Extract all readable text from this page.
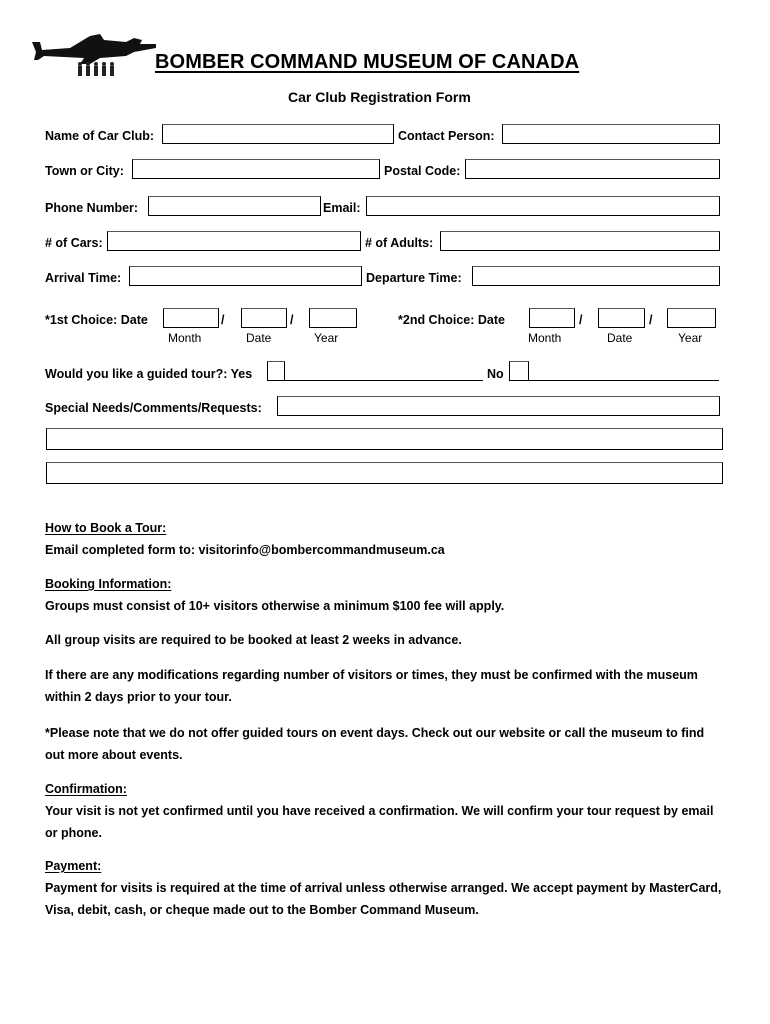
BOMBER COMMAND MUSEUM OF CANADA
Car Club Registration Form
Name of Car Club:	Contact Person:
Town or City:	Postal Code:
Phone Number:	Email:
# of Cars:	# of Adults:
Arrival Time:	Departure Time:
*1st Choice: Date	/	/
Month	Date	Year
*2nd Choice: Date	/	/
Month	Date	Year
Would you like a guided tour?: Yes	No
Special Needs/Comments/Requests:
How to Book a Tour:
Email completed form to: visitorinfo@bombercommandmuseum.ca
Booking Information:
Groups must consist of 10+ visitors otherwise a minimum $100 fee will apply.
All group visits are required to be booked at least 2 weeks in advance.
If there are any modifications regarding number of visitors or times, they must be confirmed with the museum within 2 days prior to your tour.
*Please note that we do not offer guided tours on event days. Check out our website or call the museum to find out more about events.
Confirmation:
Your visit is not yet confirmed until you have received a confirmation. We will confirm your tour request by email or phone.
Payment:
Payment for visits is required at the time of arrival unless otherwise arranged. We accept payment by MasterCard, Visa, debit, cash, or cheque made out to the Bomber Command Museum.
